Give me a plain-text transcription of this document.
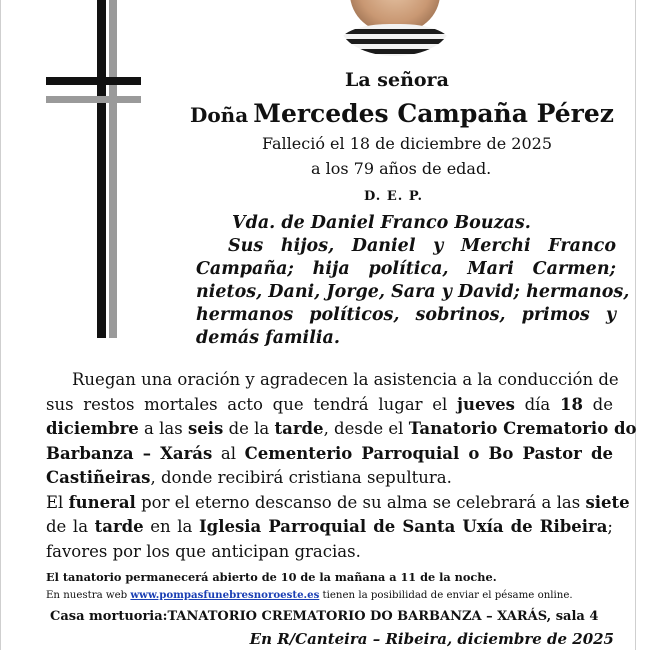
La señora
Doña Mercedes Campaña Pérez
Falleció el 18 de diciembre de 2025
a los 79 años de edad.
D. E. P.
Vda. de Daniel Franco Bouzas.
Sus hijos, Daniel y Merchi Franco
Campaña; hija política, Mari Carmen;
nietos, Dani, Jorge, Sara y David; hermanos,
hermanos políticos, sobrinos, primos y
demás familia.
Ruegan una oración y agradecen la asistencia a la conducción de
sus restos mortales acto que tendrá lugar el jueves día 18 de
diciembre a las seis de la tarde, desde el Tanatorio Crematorio do
Barbanza – Xarás al Cementerio Parroquial o Bo Pastor de
Castiñeiras, donde recibirá cristiana sepultura.
El funeral por el eterno descanso de su alma se celebrará a las siete
de la tarde en la Iglesia Parroquial de Santa Uxía de Ribeira;
favores por los que anticipan gracias.
El tanatorio permanecerá abierto de 10 de la mañana a 11 de la noche.
En nuestra web www.pompasfunebresnoroeste.es tienen la posibilidad de enviar el pésame online.
Casa mortuoria:TANATORIO CREMATORIO DO BARBANZA – XARÁS, sala 4
En R/Canteira – Ribeira, diciembre de 2025
